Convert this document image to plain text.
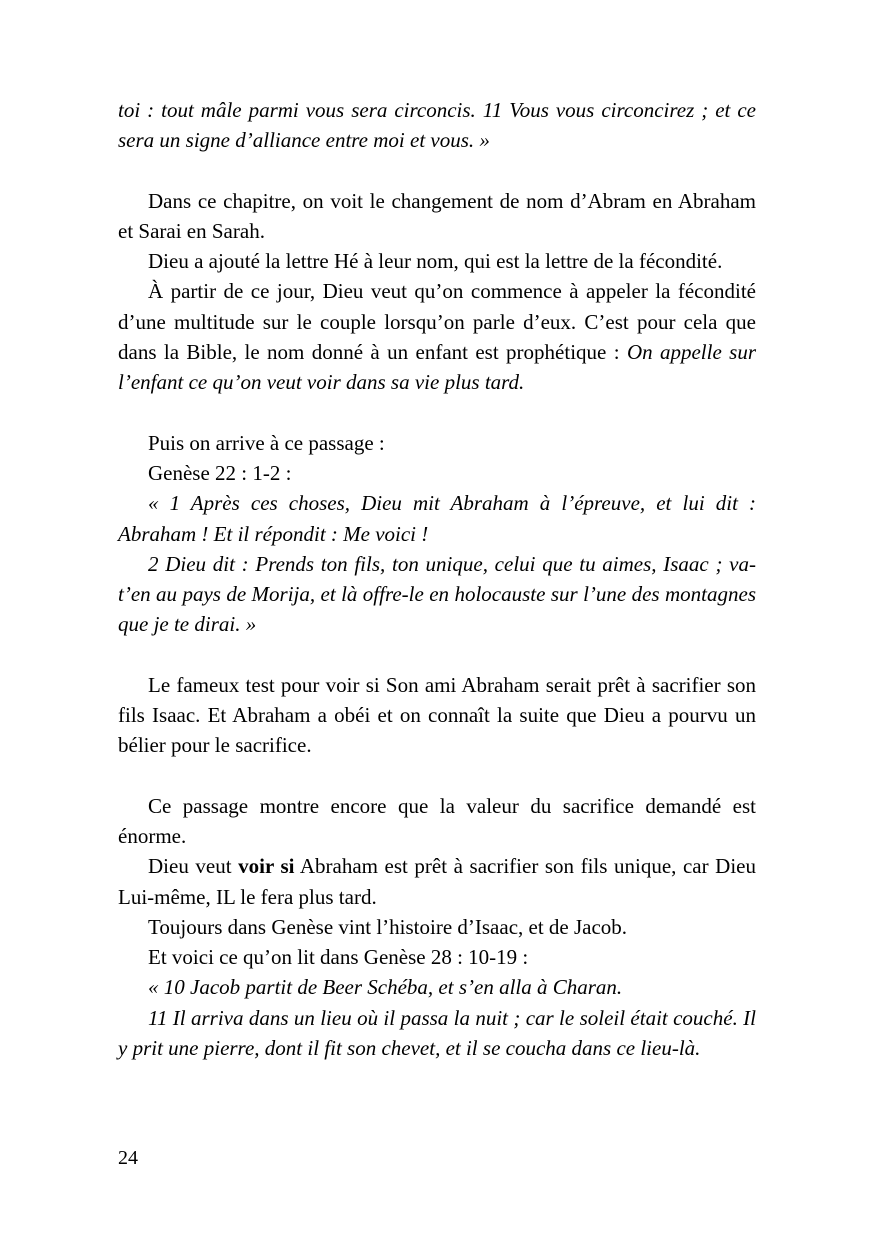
toi : tout mâle parmi vous sera circoncis. 11 Vous vous circoncirez ; et ce sera un signe d’alliance entre moi et vous. »

Dans ce chapitre, on voit le changement de nom d’Abram en Abraham et Sarai en Sarah.

Dieu a ajouté la lettre Hé à leur nom, qui est la lettre de la fécondité.

À partir de ce jour, Dieu veut qu’on commence à appeler la fécondité d’une multitude sur le couple lorsqu’on parle d’eux. C’est pour cela que dans la Bible, le nom donné à un enfant est prophétique : On appelle sur l’enfant ce qu’on veut voir dans sa vie plus tard.

Puis on arrive à ce passage :

Genèse 22 : 1-2 :

« 1 Après ces choses, Dieu mit Abraham à l’épreuve, et lui dit : Abraham ! Et il répondit : Me voici !

2 Dieu dit : Prends ton fils, ton unique, celui que tu aimes, Isaac ; va-t’en au pays de Morija, et là offre-le en holocauste sur l’une des montagnes que je te dirai. »

Le fameux test pour voir si Son ami Abraham serait prêt à sacrifier son fils Isaac. Et Abraham a obéi et on connaît la suite que Dieu a pourvu un bélier pour le sacrifice.

Ce passage montre encore que la valeur du sacrifice demandé est énorme.

Dieu veut voir si Abraham est prêt à sacrifier son fils unique, car Dieu Lui-même, IL le fera plus tard.

Toujours dans Genèse vint l’histoire d’Isaac, et de Jacob.

Et voici ce qu’on lit dans Genèse 28 : 10-19 :

« 10 Jacob partit de Beer Schéba, et s’en alla à Charan.

11 Il arriva dans un lieu où il passa la nuit ; car le soleil était couché. Il y prit une pierre, dont il fit son chevet, et il se coucha dans ce lieu-là.

24
